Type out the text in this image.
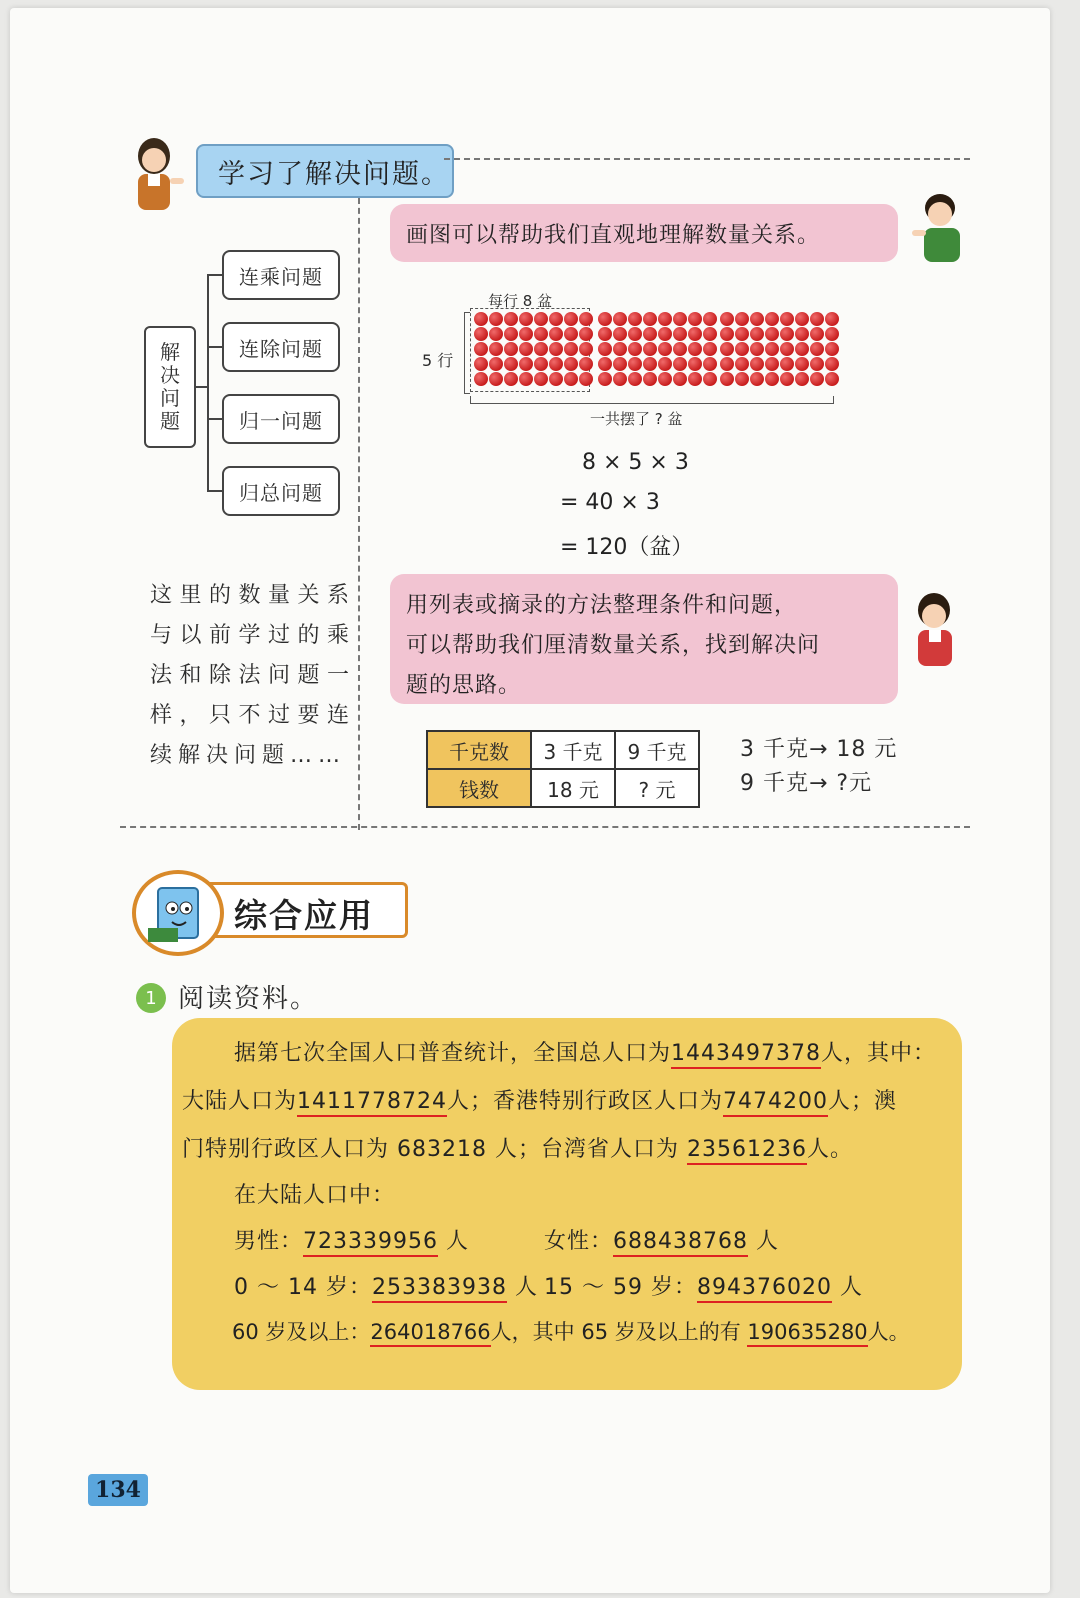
学习了解决问题。
解决问题
连乘问题
连除问题
归一问题
归总问题
这里的数量关系与以前学过的乘法和除法问题一样，只不过要连续解决问题……
画图可以帮助我们直观地理解数量关系。
每行 8 盆
5 行
一共摆了 ? 盆
8 × 5 × 3
= 40 × 3
= 120（盆）
用列表或摘录的方法整理条件和问题，
可以帮助我们厘清数量关系，找到解决问
题的思路。
千克数	3 千克	9 千克
钱数	18 元	? 元
3 千克→ 18 元
9 千克→ ?元
综合应用
1 阅读资料。
据第七次全国人口普查统计，全国总人口为1443497378人，其中：
大陆人口为1411778724人；香港特别行政区人口为7474200人；澳
门特别行政区人口为 683218 人；台湾省人口为 23561236人。
在大陆人口中：
男性：723339956 人	女性：688438768 人
0 ～ 14 岁：253383938 人 15 ～ 59 岁：894376020 人
60 岁及以上：264018766人，其中 65 岁及以上的有 190635280人。
134
